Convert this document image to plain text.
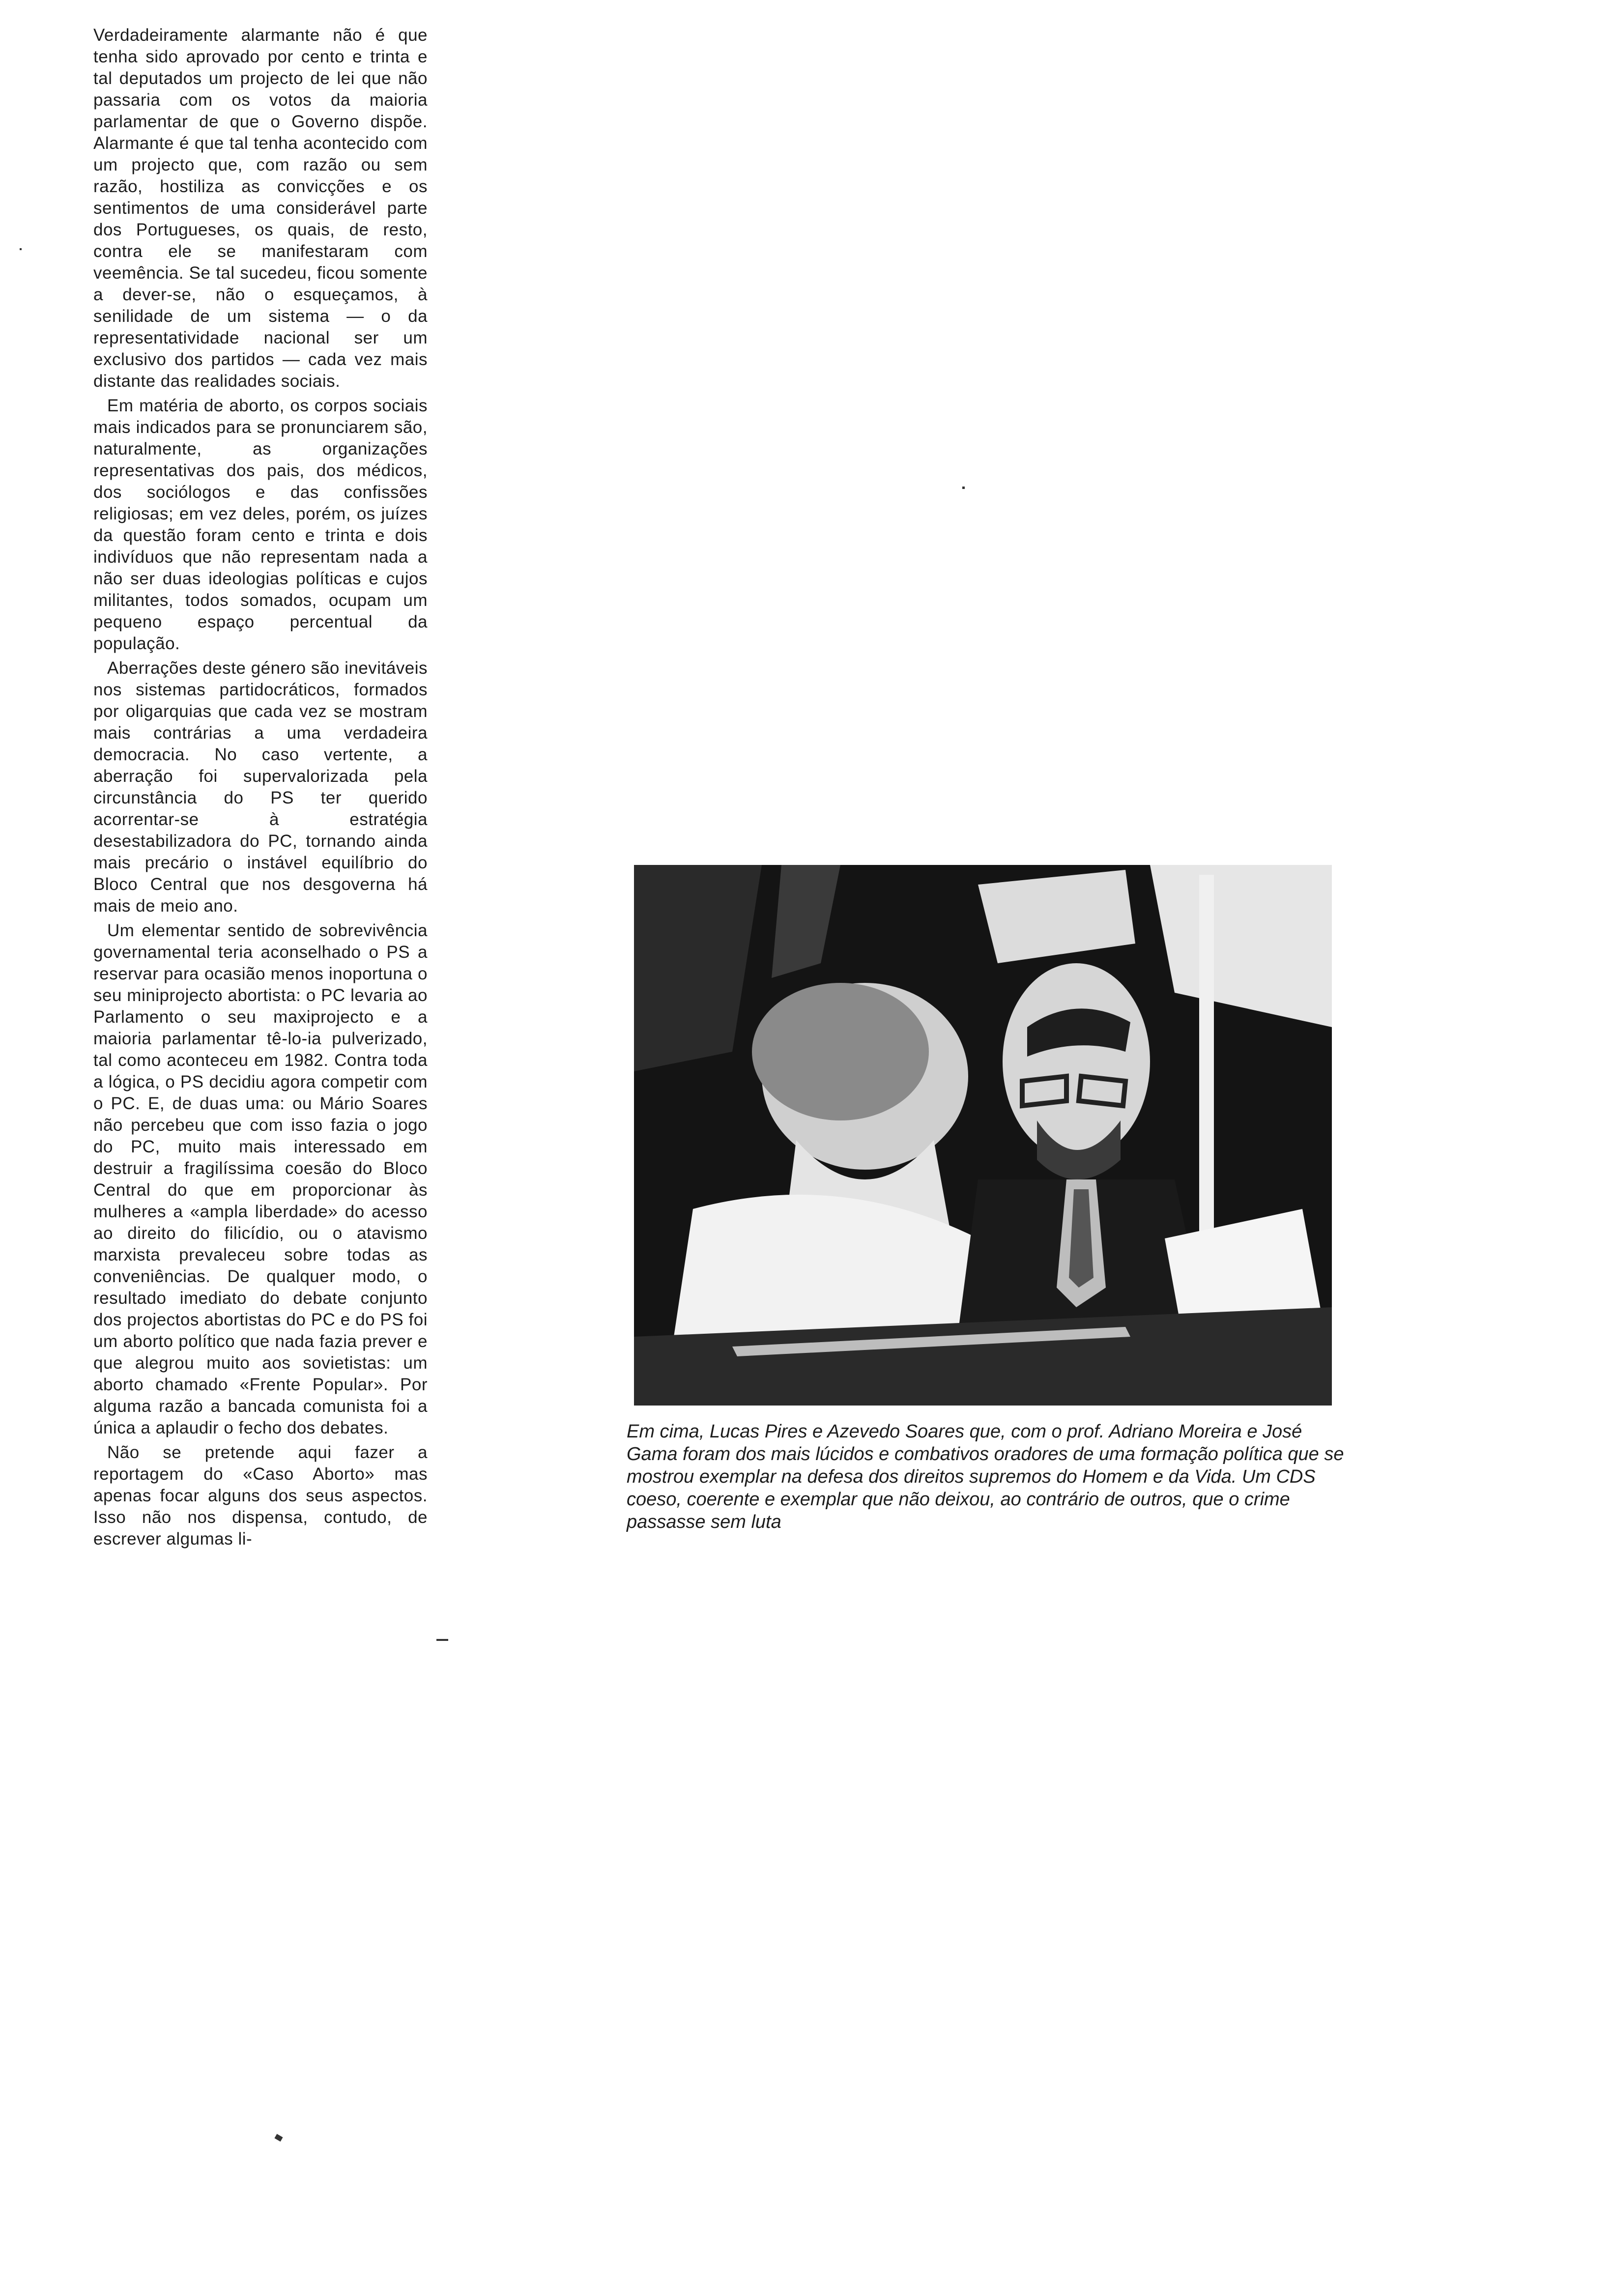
Verdadeiramente alarmante não é que tenha sido aprovado por cento e trinta e tal deputados um projecto de lei que não passaria com os votos da maioria parlamentar de que o Governo dispõe. Alarmante é que tal tenha acontecido com um projecto que, com razão ou sem razão, hostiliza as convicções e os sentimentos de uma considerável parte dos Portugueses, os quais, de resto, contra ele se manifestaram com veemência. Se tal sucedeu, ficou somente a dever-se, não o esqueçamos, à senilidade de um sistema — o da representatividade nacional ser um exclusivo dos partidos — cada vez mais distante das realidades sociais.

Em matéria de aborto, os corpos sociais mais indicados para se pronunciarem são, naturalmente, as organizações representativas dos pais, dos médicos, dos sociólogos e das confissões religiosas; em vez deles, porém, os juízes da questão foram cento e trinta e dois indivíduos que não representam nada a não ser duas ideologias políticas e cujos militantes, todos somados, ocupam um pequeno espaço percentual da população.

Aberrações deste género são inevitáveis nos sistemas partidocráticos, formados por oligarquias que cada vez se mostram mais contrárias a uma verdadeira democracia. No caso vertente, a aberração foi supervalorizada pela circunstância do PS ter querido acorrentar-se à estratégia desestabilizadora do PC, tornando ainda mais precário o instável equilíbrio do Bloco Central que nos desgoverna há mais de meio ano.

Um elementar sentido de sobrevivência governamental teria aconselhado o PS a reservar para ocasião menos inoportuna o seu miniprojecto abortista: o PC levaria ao Parlamento o seu maxiprojecto e a maioria parlamentar tê-lo-ia pulverizado, tal como aconteceu em 1982. Contra toda a lógica, o PS decidiu agora competir com o PC. E, de duas uma: ou Mário Soares não percebeu que com isso fazia o jogo do PC, muito mais interessado em destruir a fragilíssima coesão do Bloco Central do que em proporcionar às mulheres a «ampla liberdade» do acesso ao direito do filicídio, ou o atavismo marxista prevaleceu sobre todas as conveniências. De qualquer modo, o resultado imediato do debate conjunto dos projectos abortistas do PC e do PS foi um aborto político que nada fazia prever e que alegrou muito aos sovietistas: um aborto chamado «Frente Popular». Por alguma razão a bancada comunista foi a única a aplaudir o fecho dos debates.

Não se pretende aqui fazer a reportagem do «Caso Aborto» mas apenas focar alguns dos seus aspectos. Isso não nos dispensa, contudo, de escrever algumas li-

Em cima, Lucas Pires e Azevedo Soares que, com o prof. Adriano Moreira e José Gama foram dos mais lúcidos e combativos oradores de uma formação política que se mostrou exemplar na defesa dos direitos supremos do Homem e da Vida. Um CDS coeso, coerente e exemplar que não deixou, ao contrário de outros, que o crime passasse sem luta
